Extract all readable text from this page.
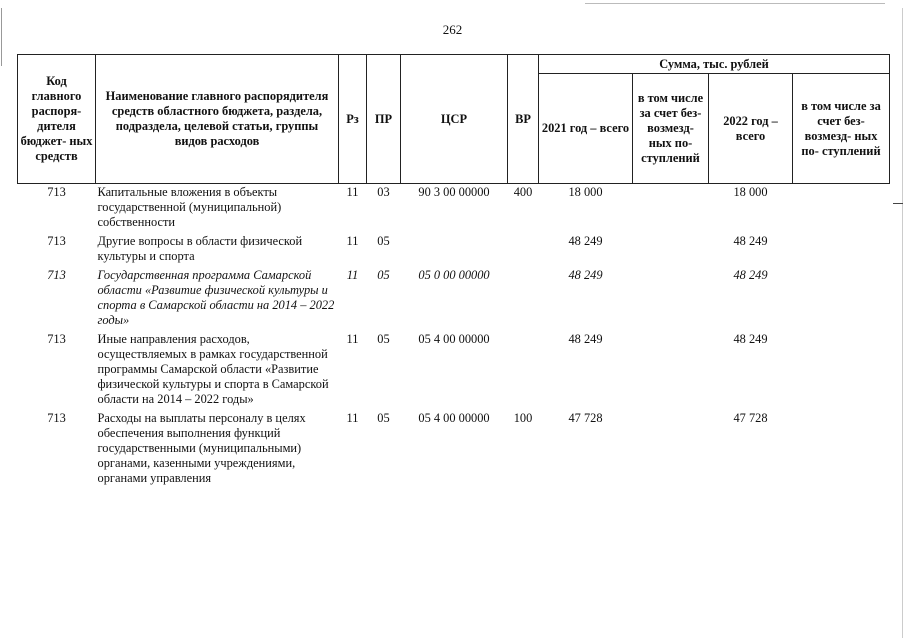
262
Код главного распоря- дителя бюджет- ных средств	Наименование главного распорядителя средств областного бюджета, раздела, подраздела, целевой статьи, группы видов расходов	Рз	ПР	ЦСР	ВР	Сумма, тыс. рублей			
						2021 год – всего	в том числе за счет без- возмезд- ных по- ступлений	2022 год – всего	в том числе за счет без- возмезд- ных по- ступлений
713	Капитальные вложения в объекты государственной (муниципальной) собственности	11	03	90 3 00 00000	400	18 000		18 000	
713	Другие вопросы в области физической культуры и спорта	11	05			48 249		48 249	
713	Государственная программа Самарской области «Развитие физической культуры и спорта в Самарской области на 2014 – 2022 годы»	11	05	05 0 00 00000		48 249		48 249	
713	Иные направления расходов, осуществляемых в рамках государственной программы Самарской области «Развитие физической культуры и спорта в Самарской области на 2014 – 2022 годы»	11	05	05 4 00 00000		48 249		48 249	
713	Расходы на выплаты персоналу в целях обеспечения выполнения функций государственными (муниципальными) органами, казенными учреждениями, органами управления	11	05	05 4 00 00000	100	47 728		47 728	
